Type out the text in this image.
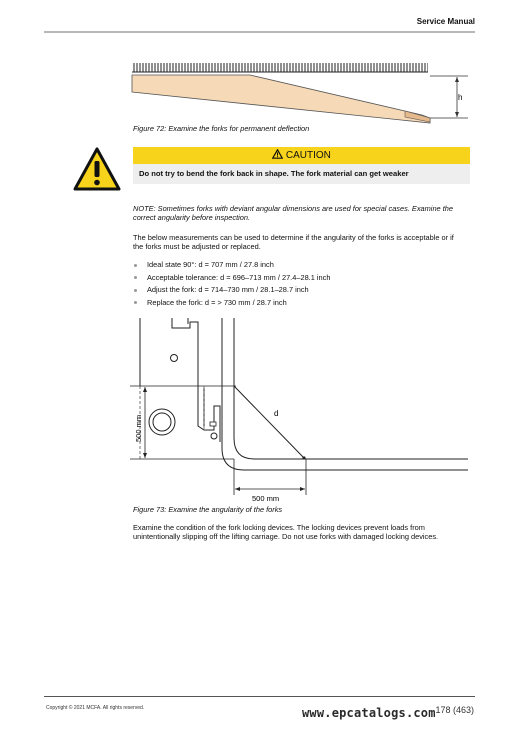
Service Manual
h
Figure 72: Examine the forks for permanent deflection
CAUTION
Do not try to bend the fork back in shape. The fork material can get weaker
NOTE: Sometimes forks with deviant angular dimensions are used for special cases. Examine the correct angularity before inspection.
The below measurements can be used to determine if the angularity of the forks is acceptable or if the forks must be adjusted or replaced.
Ideal state 90°: d = 707 mm / 27.8 inch
Acceptable tolerance: d = 696–713 mm / 27.4–28.1 inch
Adjust the fork: d = 714–730 mm / 28.1–28.7 inch
Replace the fork: d = > 730 mm / 28.7 inch
d
500 mm
500 mm
Figure 73: Examine the angularity of the forks
Examine the condition of the fork locking devices. The locking devices prevent loads from unintentionally slipping off the lifting carriage. Do not use forks with damaged locking devices.
Copyright © 2021 MCFA. All rights reserved.	178 (463)
www.epcatalogs.com
